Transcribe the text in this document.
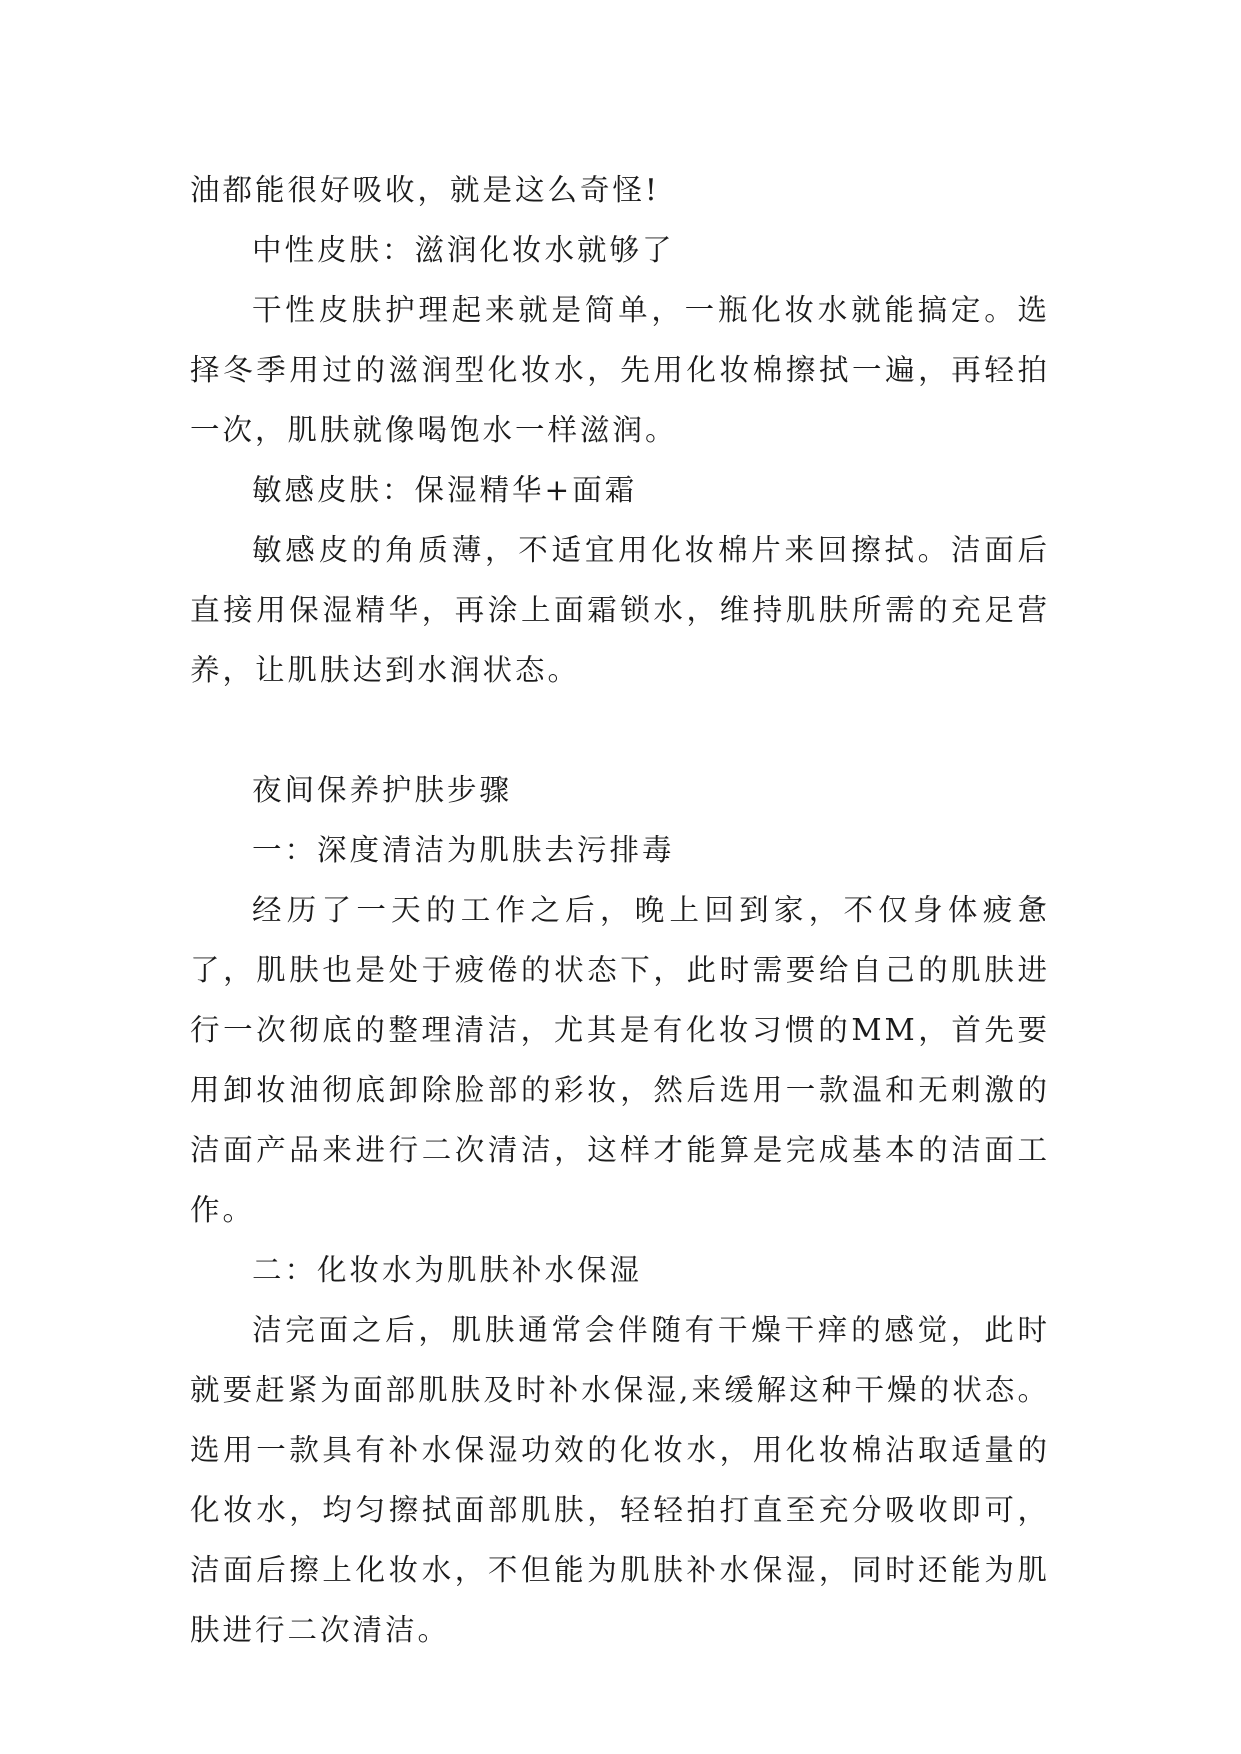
油都能很好吸收，就是这么奇怪!

中性皮肤：滋润化妆水就够了

干性皮肤护理起来就是简单，一瓶化妆水就能搞定。选择冬季用过的滋润型化妆水，先用化妆棉擦拭一遍，再轻拍一次，肌肤就像喝饱水一样滋润。

敏感皮肤：保湿精华+面霜

敏感皮的角质薄，不适宜用化妆棉片来回擦拭。洁面后直接用保湿精华，再涂上面霜锁水，维持肌肤所需的充足营养，让肌肤达到水润状态。

夜间保养护肤步骤

一：深度清洁为肌肤去污排毒

经历了一天的工作之后，晚上回到家，不仅身体疲惫了，肌肤也是处于疲倦的状态下，此时需要给自己的肌肤进行一次彻底的整理清洁，尤其是有化妆习惯的MM，首先要用卸妆油彻底卸除脸部的彩妆，然后选用一款温和无刺激的洁面产品来进行二次清洁，这样才能算是完成基本的洁面工作。

二：化妆水为肌肤补水保湿

洁完面之后，肌肤通常会伴随有干燥干痒的感觉，此时就要赶紧为面部肌肤及时补水保湿,来缓解这种干燥的状态。选用一款具有补水保湿功效的化妆水，用化妆棉沾取适量的化妆水，均匀擦拭面部肌肤，轻轻拍打直至充分吸收即可，洁面后擦上化妆水，不但能为肌肤补水保湿，同时还能为肌肤进行二次清洁。
